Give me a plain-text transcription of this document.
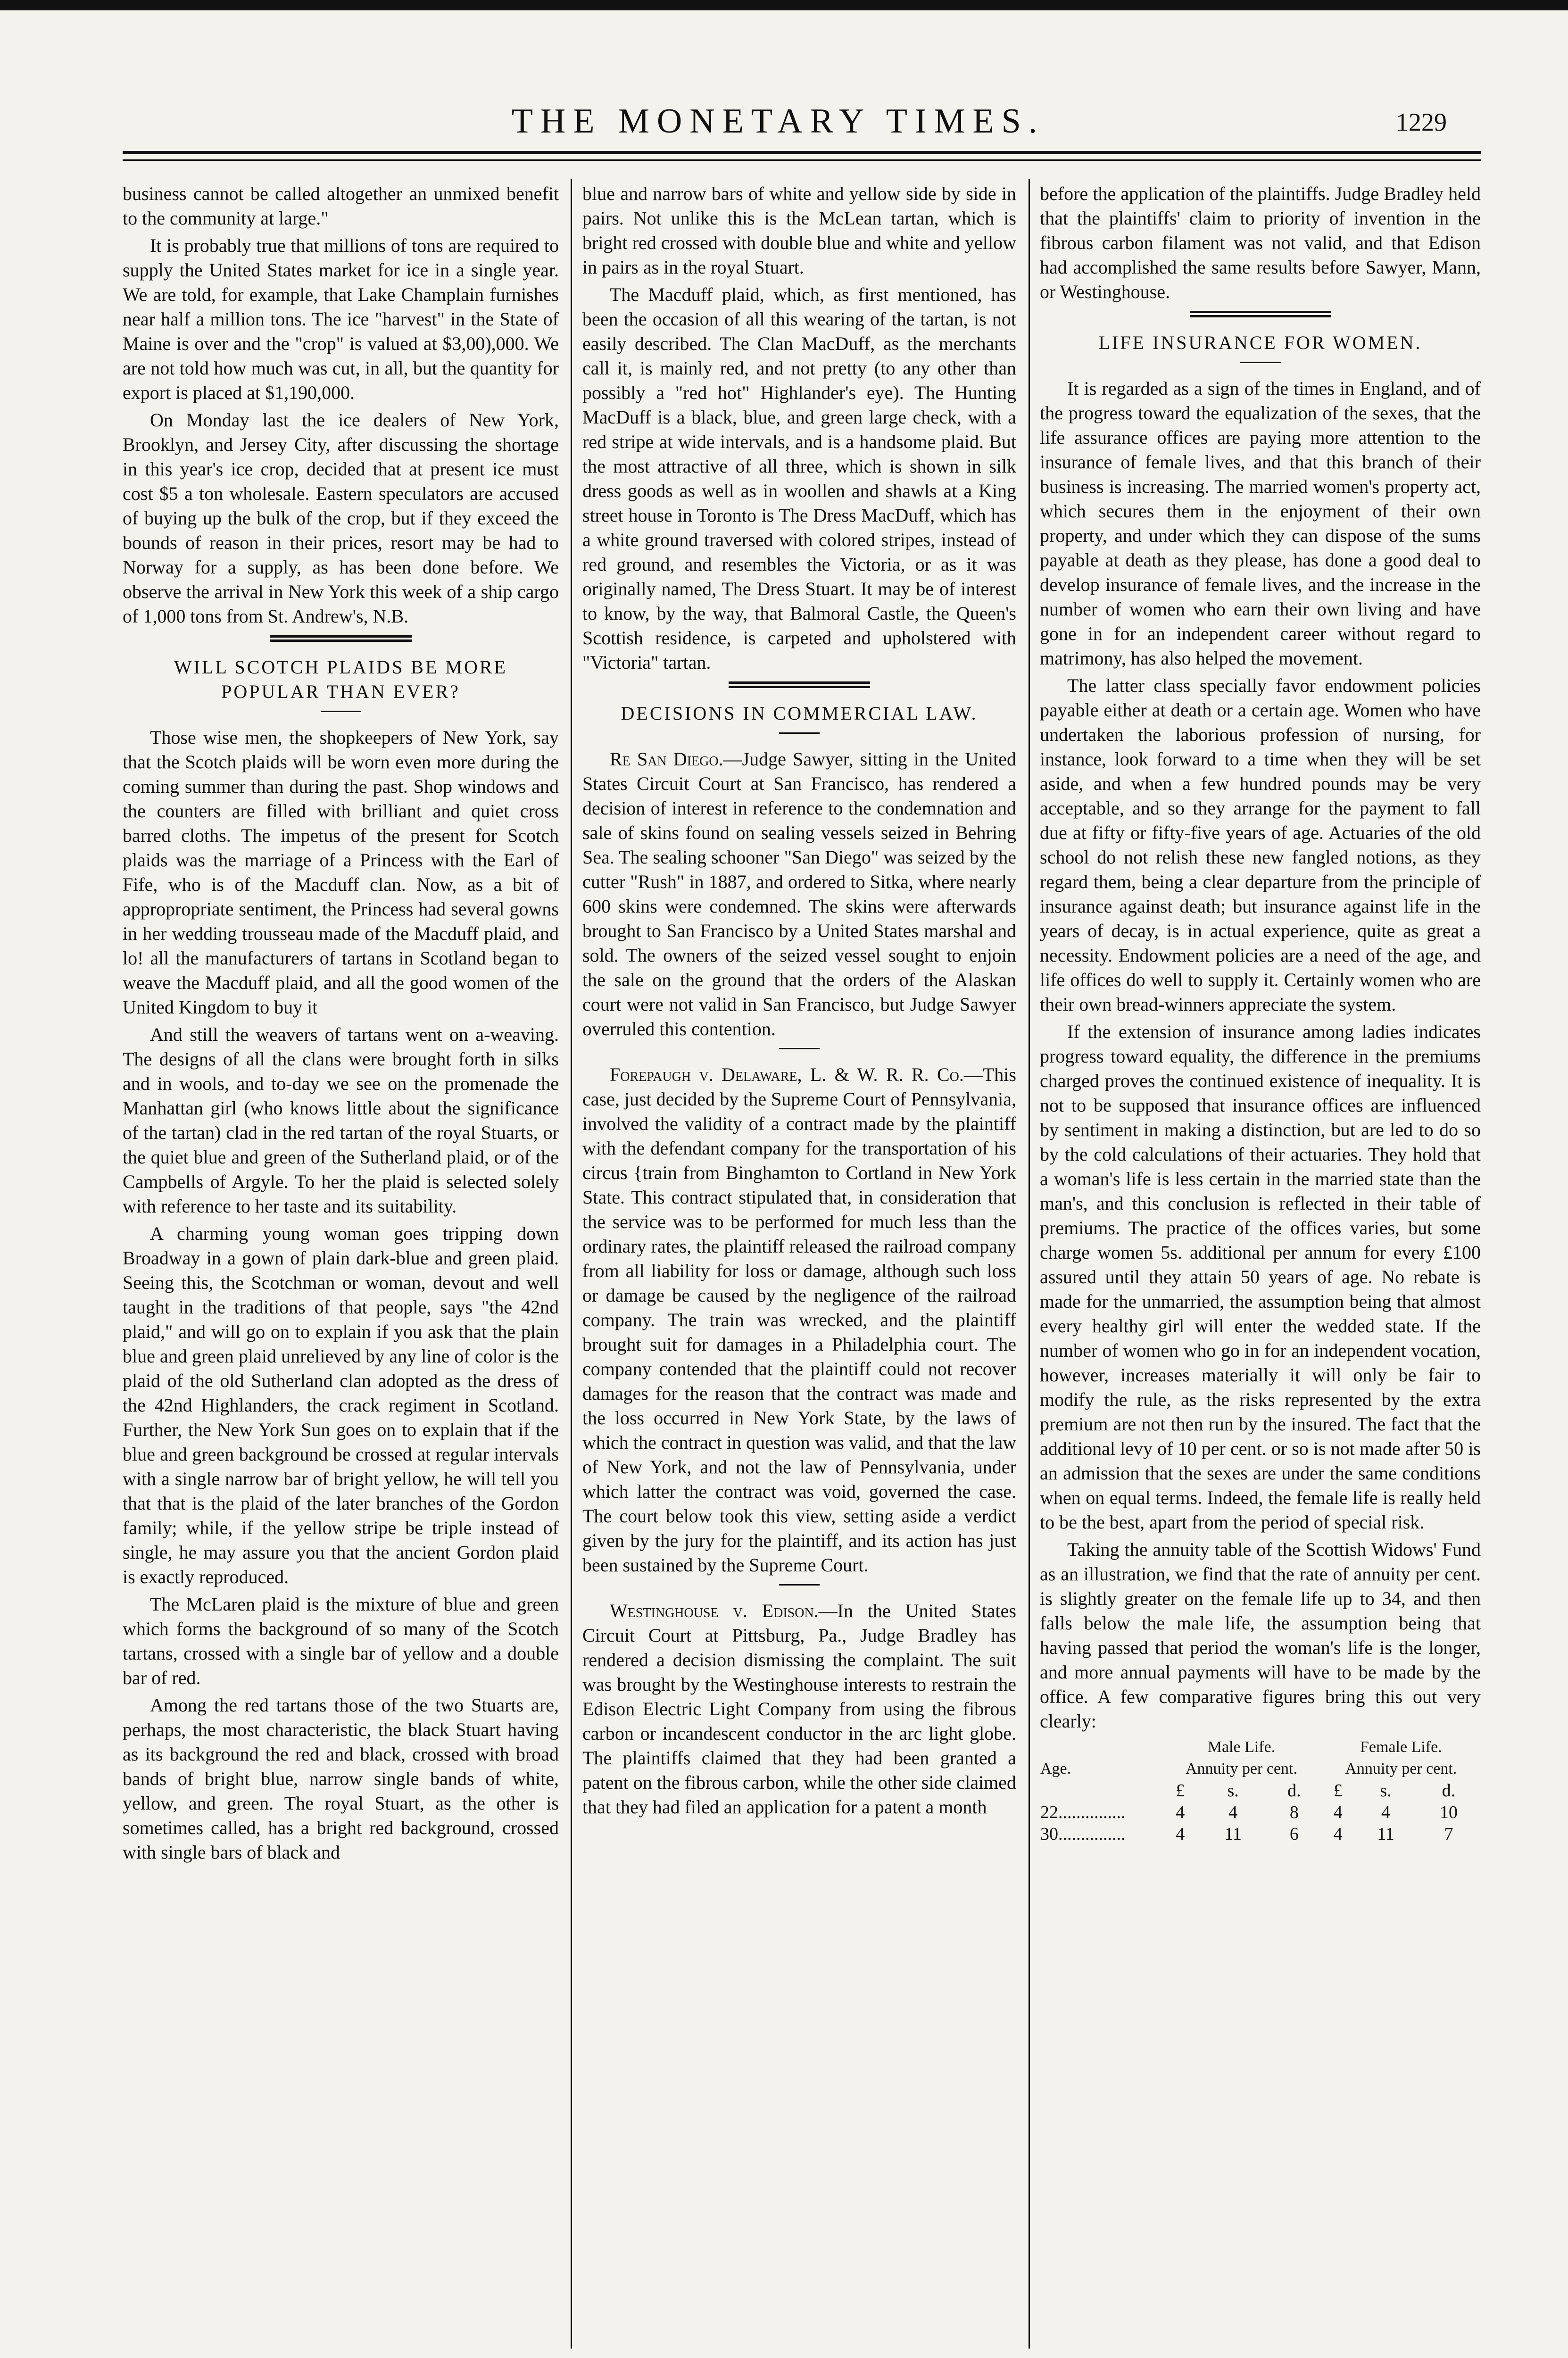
THE MONETARY TIMES.	1229

business cannot be called altogether an unmixed benefit to the community at large."

It is probably true that millions of tons are required to supply the United States market for ice in a single year. We are told, for example, that Lake Champlain furnishes near half a million tons. The ice "harvest" in the State of Maine is over and the "crop" is valued at $3,00),000. We are not told how much was cut, in all, but the quantity for export is placed at $1,190,000.

On Monday last the ice dealers of New York, Brooklyn, and Jersey City, after discussing the shortage in this year's ice crop, decided that at present ice must cost $5 a ton wholesale. Eastern speculators are accused of buying up the bulk of the crop, but if they exceed the bounds of reason in their prices, resort may be had to Norway for a supply, as has been done before. We observe the arrival in New York this week of a ship cargo of 1,000 tons from St. Andrew's, N.B.

WILL SCOTCH PLAIDS BE MORE POPULAR THAN EVER?

Those wise men, the shopkeepers of New York, say that the Scotch plaids will be worn even more during the coming summer than during the past. Shop windows and the counters are filled with brilliant and quiet cross barred cloths. The impetus of the present for Scotch plaids was the marriage of a Princess with the Earl of Fife, who is of the Macduff clan. Now, as a bit of appropropriate sentiment, the Princess had several gowns in her wedding trousseau made of the Macduff plaid, and lo! all the manufacturers of tartans in Scotland began to weave the Macduff plaid, and all the good women of the United Kingdom to buy it

And still the weavers of tartans went on a-weaving. The designs of all the clans were brought forth in silks and in wools, and to-day we see on the promenade the Manhattan girl (who knows little about the significance of the tartan) clad in the red tartan of the royal Stuarts, or the quiet blue and green of the Sutherland plaid, or of the Campbells of Argyle. To her the plaid is selected solely with reference to her taste and its suitability.

A charming young woman goes tripping down Broadway in a gown of plain dark-blue and green plaid. Seeing this, the Scotchman or woman, devout and well taught in the traditions of that people, says "the 42nd plaid," and will go on to explain if you ask that the plain blue and green plaid unrelieved by any line of color is the plaid of the old Sutherland clan adopted as the dress of the 42nd Highlanders, the crack regiment in Scotland. Further, the New York Sun goes on to explain that if the blue and green background be crossed at regular intervals with a single narrow bar of bright yellow, he will tell you that that is the plaid of the later branches of the Gordon family; while, if the yellow stripe be triple instead of single, he may assure you that the ancient Gordon plaid is exactly reproduced.

The McLaren plaid is the mixture of blue and green which forms the background of so many of the Scotch tartans, crossed with a single bar of yellow and a double bar of red.

Among the red tartans those of the two Stuarts are, perhaps, the most characteristic, the black Stuart having as its background the red and black, crossed with broad bands of bright blue, narrow single bands of white, yellow, and green. The royal Stuart, as the other is sometimes called, has a bright red background, crossed with single bars of black and

blue and narrow bars of white and yellow side by side in pairs. Not unlike this is the McLean tartan, which is bright red crossed with double blue and white and yellow in pairs as in the royal Stuart.

The Macduff plaid, which, as first mentioned, has been the occasion of all this wearing of the tartan, is not easily described. The Clan MacDuff, as the merchants call it, is mainly red, and not pretty (to any other than possibly a "red hot" Highlander's eye). The Hunting MacDuff is a black, blue, and green large check, with a red stripe at wide intervals, and is a handsome plaid. But the most attractive of all three, which is shown in silk dress goods as well as in woollen and shawls at a King street house in Toronto is The Dress MacDuff, which has a white ground traversed with colored stripes, instead of red ground, and resembles the Victoria, or as it was originally named, The Dress Stuart. It may be of interest to know, by the way, that Balmoral Castle, the Queen's Scottish residence, is carpeted and upholstered with "Victoria" tartan.

DECISIONS IN COMMERCIAL LAW.

Re San Diego.—Judge Sawyer, sitting in the United States Circuit Court at San Francisco, has rendered a decision of interest in reference to the condemnation and sale of skins found on sealing vessels seized in Behring Sea. The sealing schooner "San Diego" was seized by the cutter "Rush" in 1887, and ordered to Sitka, where nearly 600 skins were condemned. The skins were afterwards brought to San Francisco by a United States marshal and sold. The owners of the seized vessel sought to enjoin the sale on the ground that the orders of the Alaskan court were not valid in San Francisco, but Judge Sawyer overruled this contention.

Forepaugh v. Delaware, L. & W. R. R. Co.—This case, just decided by the Supreme Court of Pennsylvania, involved the validity of a contract made by the plaintiff with the defendant company for the transportation of his circus {train from Binghamton to Cortland in New York State. This contract stipulated that, in consideration that the service was to be performed for much less than the ordinary rates, the plaintiff released the railroad company from all liability for loss or damage, although such loss or damage be caused by the negligence of the railroad company. The train was wrecked, and the plaintiff brought suit for damages in a Philadelphia court. The company contended that the plaintiff could not recover damages for the reason that the contract was made and the loss occurred in New York State, by the laws of which the contract in question was valid, and that the law of New York, and not the law of Pennsylvania, under which latter the contract was void, governed the case. The court below took this view, setting aside a verdict given by the jury for the plaintiff, and its action has just been sustained by the Supreme Court.

Westinghouse v. Edison.—In the United States Circuit Court at Pittsburg, Pa., Judge Bradley has rendered a decision dismissing the complaint. The suit was brought by the Westinghouse interests to restrain the Edison Electric Light Company from using the fibrous carbon or incandescent conductor in the arc light globe. The plaintiffs claimed that they had been granted a patent on the fibrous carbon, while the other side claimed that they had filed an application for a patent a month

before the application of the plaintiffs. Judge Bradley held that the plaintiffs' claim to priority of invention in the fibrous carbon filament was not valid, and that Edison had accomplished the same results before Sawyer, Mann, or Westinghouse.

LIFE INSURANCE FOR WOMEN.

It is regarded as a sign of the times in England, and of the progress toward the equalization of the sexes, that the life assurance offices are paying more attention to the insurance of female lives, and that this branch of their business is increasing. The married women's property act, which secures them in the enjoyment of their own property, and under which they can dispose of the sums payable at death as they please, has done a good deal to develop insurance of female lives, and the increase in the number of women who earn their own living and have gone in for an independent career without regard to matrimony, has also helped the movement.

The latter class specially favor endowment policies payable either at death or a certain age. Women who have undertaken the laborious profession of nursing, for instance, look forward to a time when they will be set aside, and when a few hundred pounds may be very acceptable, and so they arrange for the payment to fall due at fifty or fifty-five years of age. Actuaries of the old school do not relish these new fangled notions, as they regard them, being a clear departure from the principle of insurance against death; but insurance against life in the years of decay, is in actual experience, quite as great a necessity. Endowment policies are a need of the age, and life offices do well to supply it. Certainly women who are their own bread-winners appreciate the system.

If the extension of insurance among ladies indicates progress toward equality, the difference in the premiums charged proves the continued existence of inequality. It is not to be supposed that insurance offices are influenced by sentiment in making a distinction, but are led to do so by the cold calculations of their actuaries. They hold that a woman's life is less certain in the married state than the man's, and this conclusion is reflected in their table of premiums. The practice of the offices varies, but some charge women 5s. additional per annum for every £100 assured until they attain 50 years of age. No rebate is made for the unmarried, the assumption being that almost every healthy girl will enter the wedded state. If the number of women who go in for an independent vocation, however, increases materially it will only be fair to modify the rule, as the risks represented by the extra premium are not then run by the insured. The fact that the additional levy of 10 per cent. or so is not made after 50 is an admission that the sexes are under the same conditions when on equal terms. Indeed, the female life is really held to be the best, apart from the period of special risk.

Taking the annuity table of the Scottish Widows' Fund as an illustration, we find that the rate of annuity per cent. is slightly greater on the female life up to 34, and then falls below the male life, the assumption being that having passed that period the woman's life is the longer, and more annual payments will have to be made by the office. A few comparative figures bring this out very clearly:

Age.	Male Life.			Female Life.		
	Annuity per cent.			Annuity per cent.		
	£	s.	d.	£	s.	d.
22...............	4	4	8	4	4	10
30...............	4	11	6	4	11	7
